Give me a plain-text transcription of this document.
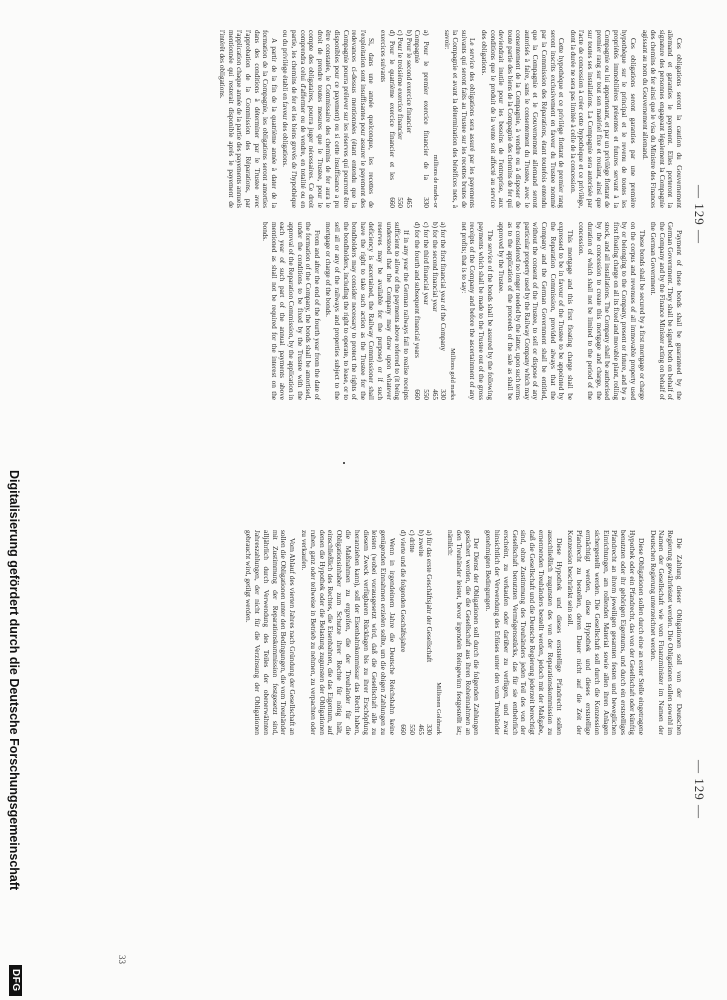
— 129 —
— 129 —

Ces obligations seront la caution du Gouvernement allemand et garanties le payement. Elles porteront la signature des personnes engageant légalement la Compagnie des chemins de fer ainsi que le visa du Ministre des Finances agissant au nom du Gouvernement allemand.

Ces obligations seront garanties par une première hypothèque sur le principal et le revenu de toutes les propriétés immobilières présentes et futures servant à la Compagnie ou lui appartenant, et par un privilège flottant de premier rang sur tout son matériel fixe et roulant, ainsi que sur toutes ses installations. La Compagnie sera autorisée par l'acte de concession à créer cette hypothèque et ce privilège, dont la durée ne sera pas limitée à celle de la concession.

Cette hypothèque et ce privilège flottant de premier rang seront inscrits exclusivement en faveur du Trustee nommé par la Commission des Réparations, étant toutefois entendu que la Compagnie et le Gouvernement allemand seront autorisés à faire, sans le consentement du Trustee, avec le consentement de la Compagnie, à vendre ou à disposer de toute partie des biens de la Compagnie des chemins de fer qui deviendrait inutile pour les besoins de l'entreprise, aux conditions que le produit de la vente soit affecté au service des obligations.

Le service des obligations sera assuré par les payements suivants qui seront faits au Trustee sur les recettes brutes de la Compagnie et avant la détermination des bénéfices nets, à savoir:

millions de marks-or
a) Pour le premier exercice financier de la Compagnie	330
b) Pour le second exercice financier	465
c) Pour le troisième exercice financier	550
d) Pour le quatrième exercice financier et les exercices suivants	660

Si, dans une année quelconque, les recettes de l'exploitation sont insuffisantes pour assurer le payement des redevances ci-dessus mentionnées (étant entendu que la Compagnie pourra prélever sur les réserves qui pourront être disponibles pour ce payement) ou si cette insuffisance a pu être constatée, le Commissaire des chemins de fer aura le droit de prendre toutes mesures que le Trustee, pour le compte des obligataires, pourra juger nécessaires. Ce droit comprendra celui d'affermer ou de vendre, en totalité ou en partie, les chemins de fer et les biens grevés de l'hypothèque ou du privilège établi en faveur des obligations.

A partir de la fin de la quatrième année à dater de la formation de la Compagnie, les obligations seront amorties dans des conditions à déterminer par le Trustee avec l'approbation de la Commission des Réparations, par l'application chaque année de la partie des payements annuels mentionnée qui resterait disponible après le payement de l'intérêt des obligations.

Payment of these bonds shall be guaranteed by the German Government. They shall be signed both on behalf of the Company and by the Finance Minister acting on behalf of the German Government.

These bonds shall be secured by a first mortgage or charge on the corpus and revenues of all immovable property used by or belonging to the Company, present or future, and by a first floating charge on all its fixed and movable plant, rolling stock, and all installations. The Company shall be authorised by the concession to create this mortgage and charge, the duration of which shall not be limited to the period of the concession.

This mortgage and this first floating charge shall be expressed to be in favour of the Trustee to be appointed by the Reparation Commission, provided always that the Company and the German Government shall be entitled, without the consent of the Trustee, to sell or dispose of any particular property used by the Railway Company which may be considered no longer needed by the latter, upon such terms as to the application of the proceeds of the sale as shall be approved by the Trustee.

The service of the bonds shall be assured by the following payments which shall be made to the Trustee out of the gross receipts of the Company and before the ascertainment of any net profits; that is to say:

Millions gold marks
a) for the first financial year of the Company	330
b) for the second financial year	465
c) for the third financial year	550
d) for the fourth and subsequent financial years	660

If in any year the German railways fail to realise receipts sufficient to allow of the payments above referred to (it being understood that the Company may draw upon whatever reserves may be available for the purpose) or if such deficiency is ascertained, the Railway Commissioner shall have the right to take such action as the Trustee for the bondholders may consider necessary to protect the rights of the bondholders, including the right to operate, to lease, or to sell all or any of the railways and properties subject to the mortgage or charge of the bonds.

From and after the end of the fourth year from the date of the formation of the Company, the bonds shall be amortised, under the conditions to be fixed by the Trustee with the approval of the Reparation Commission, by the application in each year of such part of the annual payments above mentioned as shall not be required for the interest on the bonds.

Die Zahlung dieser Obligationen soll von der Deutschen Regierung gewährleistet werden. Die Obligationen sollen sowohl im Namen der Gesellschaft wie vom Finanzminister im Namen der Deutschen Regierung unterzeichnet werden.

Diese Obligationen sollen durch eine an erster Stelle eingetragene Hypothek oder ein Pfandrecht, das von der Gesellschaft oder künftig benutzten oder ihr gehörigen Eigentums, und durch ein erststelliges Pfandrecht an ihrem jeweiligen gesamten festen und beweglichen Einrichtungen, am rollenden Material sowie allen ihren Anlagen sichergestellt werden. Die Gesellschaft soll durch die Konzession ermächtigt werden, diese Hypothek und dieses erststellige Pfandrecht zu bestellen, deren Dauer nicht auf die Zeit der Konzession beschränkt sein soll.

Diese Hypothek und dieses erststellige Pfandrecht sollen ausschließlich zugunsten des von der Reparationskommission zu ernennenden Treuhänders bestellt werden, jedoch mit der Maßgabe, daß die Gesellschaft und die Deutsche Regierung jederzeit berechtigt sind, ohne Zustimmung des Treuhänders jeden Teil des von der Gesellschaft benutzten Vermögensstücks, das für sie entbehrlich erscheint, zu verkaufen oder darüber zu verfügen, und zwar hinsichtlich der Verwendung des Erlöses unter den vom Treuhänder genehmigten Bedingungen.

Der Dienst der Obligationen soll durch die folgenden Zahlungen gesichert werden, die die Gesellschaft aus ihren Roheinnahmen an den Treuhänder leistet, bevor irgendein Reingewinn festgestellt ist; nämlich:

Millionen Goldmark
a) für das erste Geschäftsjahr der Gesellschaft	330
b) zweite	465
c) dritte	550
d) vierte und die folgenden Geschäftsjahre	660

Wenn in irgendeinem Jahre die Deutsche Reichsbahn keine genügenden Einnahmen erzielen sollte, um die obigen Zahlungen zu leisten (wobei vorausgesetzt wird, daß die Gesellschaft alle zu diesem Zweck verfügbaren Rücklagen bis zu ihrer Erschöpfung heranziehen kann), soll der Eisenbahnkommissar das Recht haben, die Maßnahmen zu ergreifen, die der Treuhänder für die Obligationsinhaber zum Schutze ihrer Rechte für nötig hält, einschließlich des Rechtes, die Eisenbahnen, die das Eigentum, auf denen die Hypothek oder die Belastung zugunsten der Obligationen ruhen, ganz oder teilweise in Betrieb zu nehmen, zu verpachten oder zu verkaufen.

Vom Ablauf des vierten Jahres nach Gründung der Gesellschaft an sollen die Obligationen unter den Bedingungen, die vom Treuhänder mit Zustimmung der Reparationskommission festgesetzt sind, alljährlich durch Verwendung des Teiles der obenerwähnten Jahreszahlungen, der nicht für die Verzinsung der Obligationen gebraucht wird, getilgt werden.

33
Digitalisierung gefördert durch die Deutsche Forschungsgemeinschaft
DFG
